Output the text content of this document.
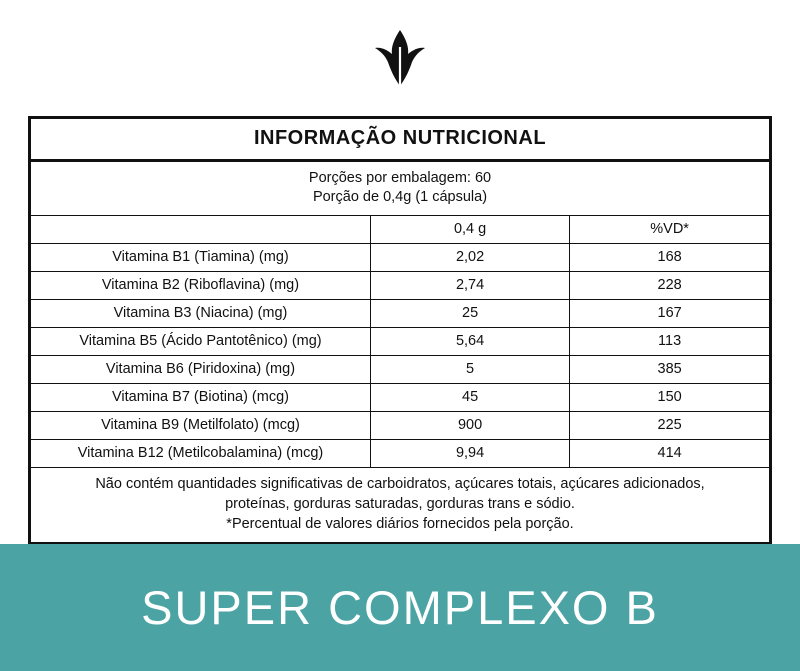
INFORMAÇÃO NUTRICIONAL
Porções por embalagem: 60
Porção de 0,4g (1 cápsula)
	0,4 g	%VD*
Vitamina B1 (Tiamina) (mg)	2,02	168
Vitamina B2 (Riboflavina) (mg)	2,74	228
Vitamina B3 (Niacina) (mg)	25	167
Vitamina B5 (Ácido Pantotênico) (mg)	5,64	113
Vitamina B6 (Piridoxina) (mg)	5	385
Vitamina B7 (Biotina) (mcg)	45	150
Vitamina B9 (Metilfolato) (mcg)	900	225
Vitamina B12 (Metilcobalamina) (mcg)	9,94	414
Não contém quantidades significativas de carboidratos, açúcares totais, açúcares adicionados,
proteínas, gorduras saturadas, gorduras trans e sódio.
*Percentual de valores diários fornecidos pela porção.
SUPER COMPLEXO B
